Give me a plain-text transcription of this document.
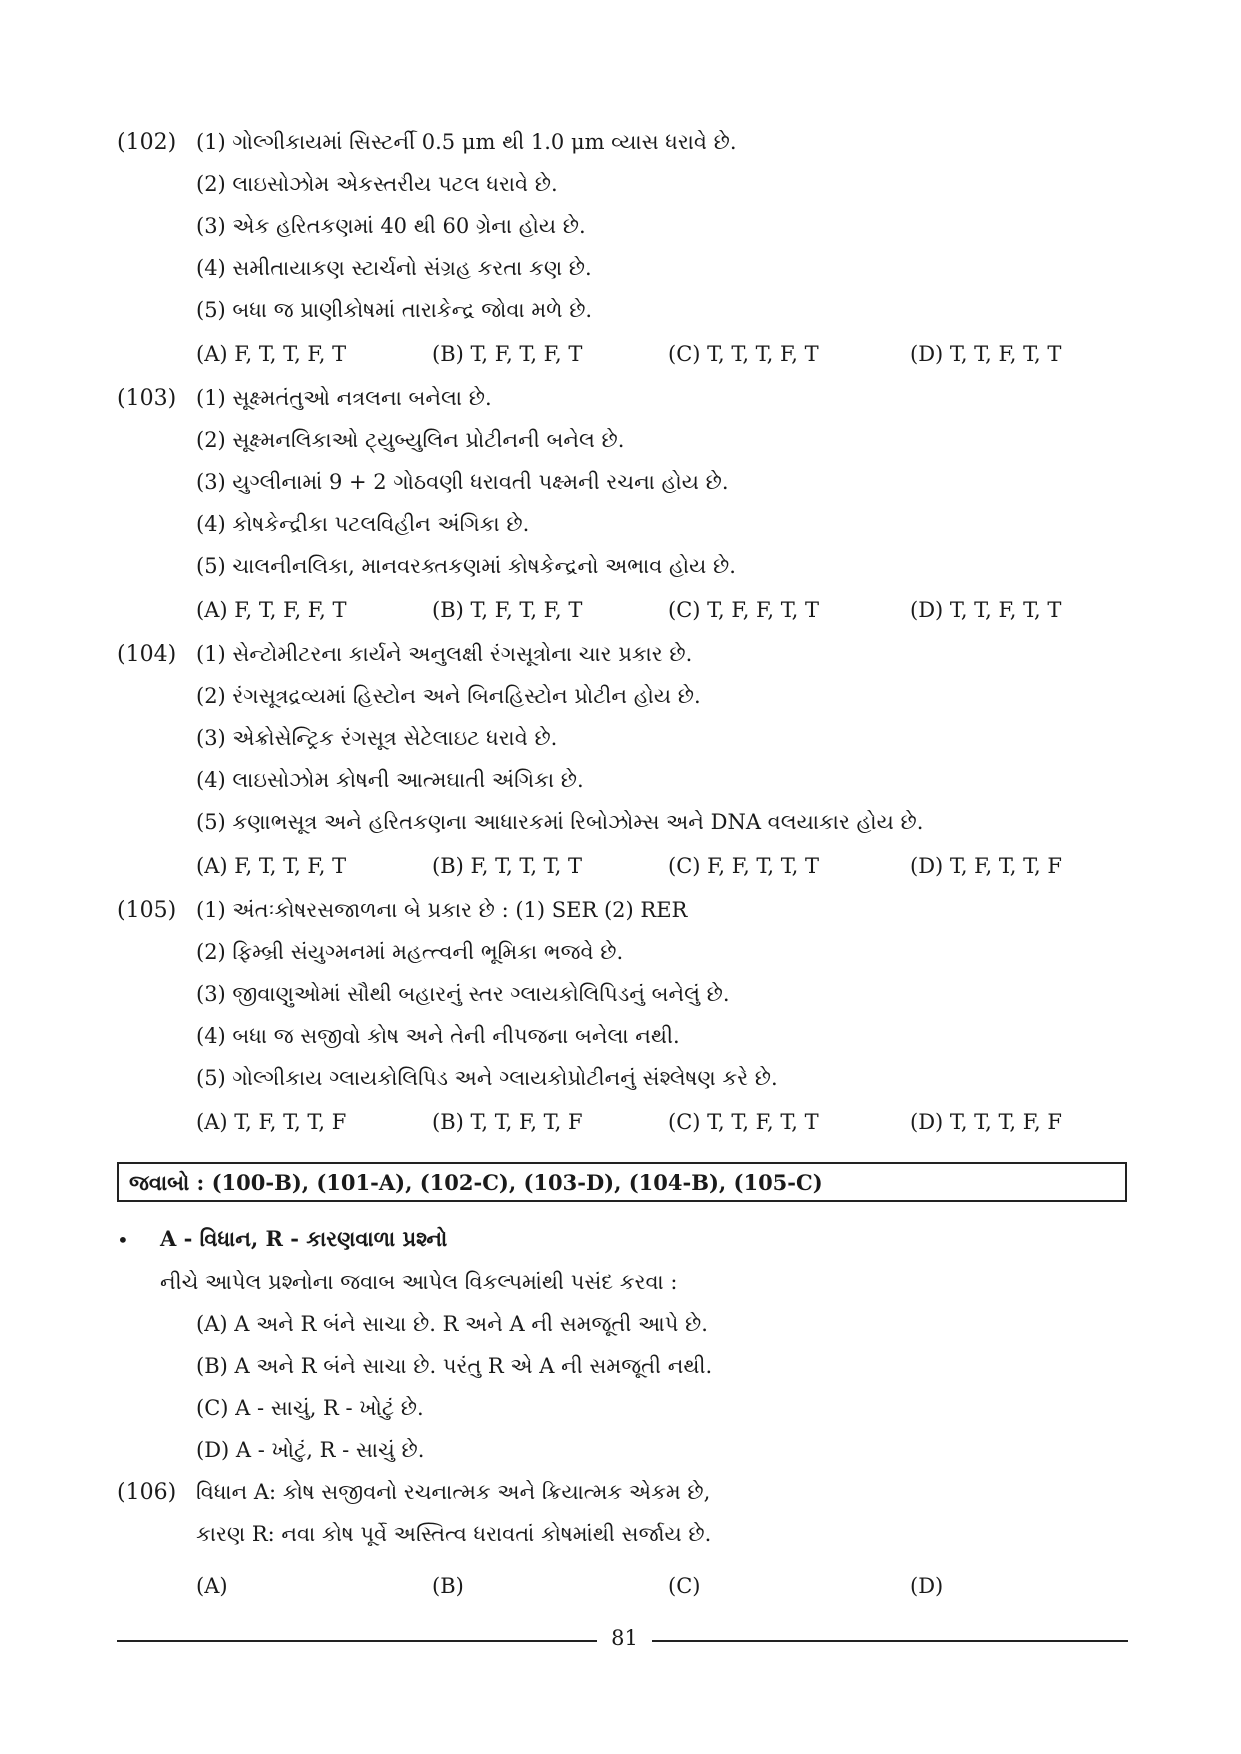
(102) (1) ગોલ્ગીકાયમાં સિસ્ટર્ની 0.5 μm થી 1.0 μm વ્યાસ ધરાવે છે.
(2) લાઇસોઝોમ એકસ્તરીય પટલ ધરાવે છે.
(3) એક હરિતકણમાં 40 થી 60 ગ્રેના હોય છે.
(4) સમીતાયાકણ સ્ટાર્ચનો સંગ્રહ કરતા કણ છે.
(5) બધા જ પ્રાણીકોષમાં તારાકેન્દ્ર જોવા મળે છે.
(A) F, T, T, F, T	(B) T, F, T, F, T	(C) T, T, T, F, T	(D) T, T, F, T, T
(103) (1) સૂક્ષ્મતંતુઓ નત્રલના બનેલા છે.
(2) સૂક્ષ્મનલિકાઓ ટ્યુબ્યુલિન પ્રોટીનની બનેલ છે.
(3) યુગ્લીનામાં 9 + 2 ગોઠવણી ધરાવતી પક્ષ્મની રચના હોય છે.
(4) કોષકેન્દ્રીકા પટલવિહીન અંગિકા છે.
(5) ચાલનીનલિકા, માનવરક્તકણમાં કોષકેન્દ્રનો અભાવ હોય છે.
(A) F, T, F, F, T	(B) T, F, T, F, T	(C) T, F, F, T, T	(D) T, T, F, T, T
(104) (1) સેન્ટોમીટરના કાર્યને અનુલક્ષી રંગસૂત્રોના ચાર પ્રકાર છે.
(2) રંગસૂત્રદ્રવ્યમાં હિસ્ટોન અને બિનહિસ્ટોન પ્રોટીન હોય છે.
(3) એક્રોસેન્ટ્રિક રંગસૂત્ર સેટેલાઇટ ધરાવે છે.
(4) લાઇસોઝોમ કોષની આત્મઘાતી અંગિકા છે.
(5) કણાભસૂત્ર અને હરિતકણના આધારકમાં રિબોઝોમ્સ અને DNA વલયાકાર હોય છે.
(A) F, T, T, F, T	(B) F, T, T, T, T	(C) F, F, T, T, T	(D) T, F, T, T, F
(105) (1) અંતઃકોષરસજાળના બે પ્રકાર છે : (1) SER (2) RER
(2) ફિમ્બ્રી સંયુગ્મનમાં મહત્ત્વની ભૂમિકા ભજવે છે.
(3) જીવાણુઓમાં સૌથી બહારનું સ્તર ગ્લાયકોલિપિડનું બનેલું છે.
(4) બધા જ સજીવો કોષ અને તેની નીપજના બનેલા નથી.
(5) ગોલ્ગીકાય ગ્લાયકોલિપિડ અને ગ્લાયકોપ્રોટીનનું સંશ્લેષણ કરે છે.
(A) T, F, T, T, F	(B) T, T, F, T, F	(C) T, T, F, T, T	(D) T, T, T, F, F
જવાબો : (100-B), (101-A), (102-C), (103-D), (104-B), (105-C)
• A - વિધાન, R - કારણવાળા પ્રશ્નો
નીચે આપેલ પ્રશ્નોના જવાબ આપેલ વિકલ્પમાંથી પસંદ કરવા :
(A) A અને R બંને સાચા છે. R અને A ની સમજૂતી આપે છે.
(B) A અને R બંને સાચા છે. પરંતુ R એ A ની સમજૂતી નથી.
(C) A - સાચું, R - ખોટું છે.
(D) A - ખોટું, R - સાચું છે.
(106) વિધાન A: કોષ સજીવનો રચનાત્મક અને ક્રિયાત્મક એકમ છે,
કારણ R: નવા કોષ પૂર્વે અસ્તિત્વ ધરાવતાં કોષમાંથી સર્જાય છે.
(A)	(B)	(C)	(D)
81
